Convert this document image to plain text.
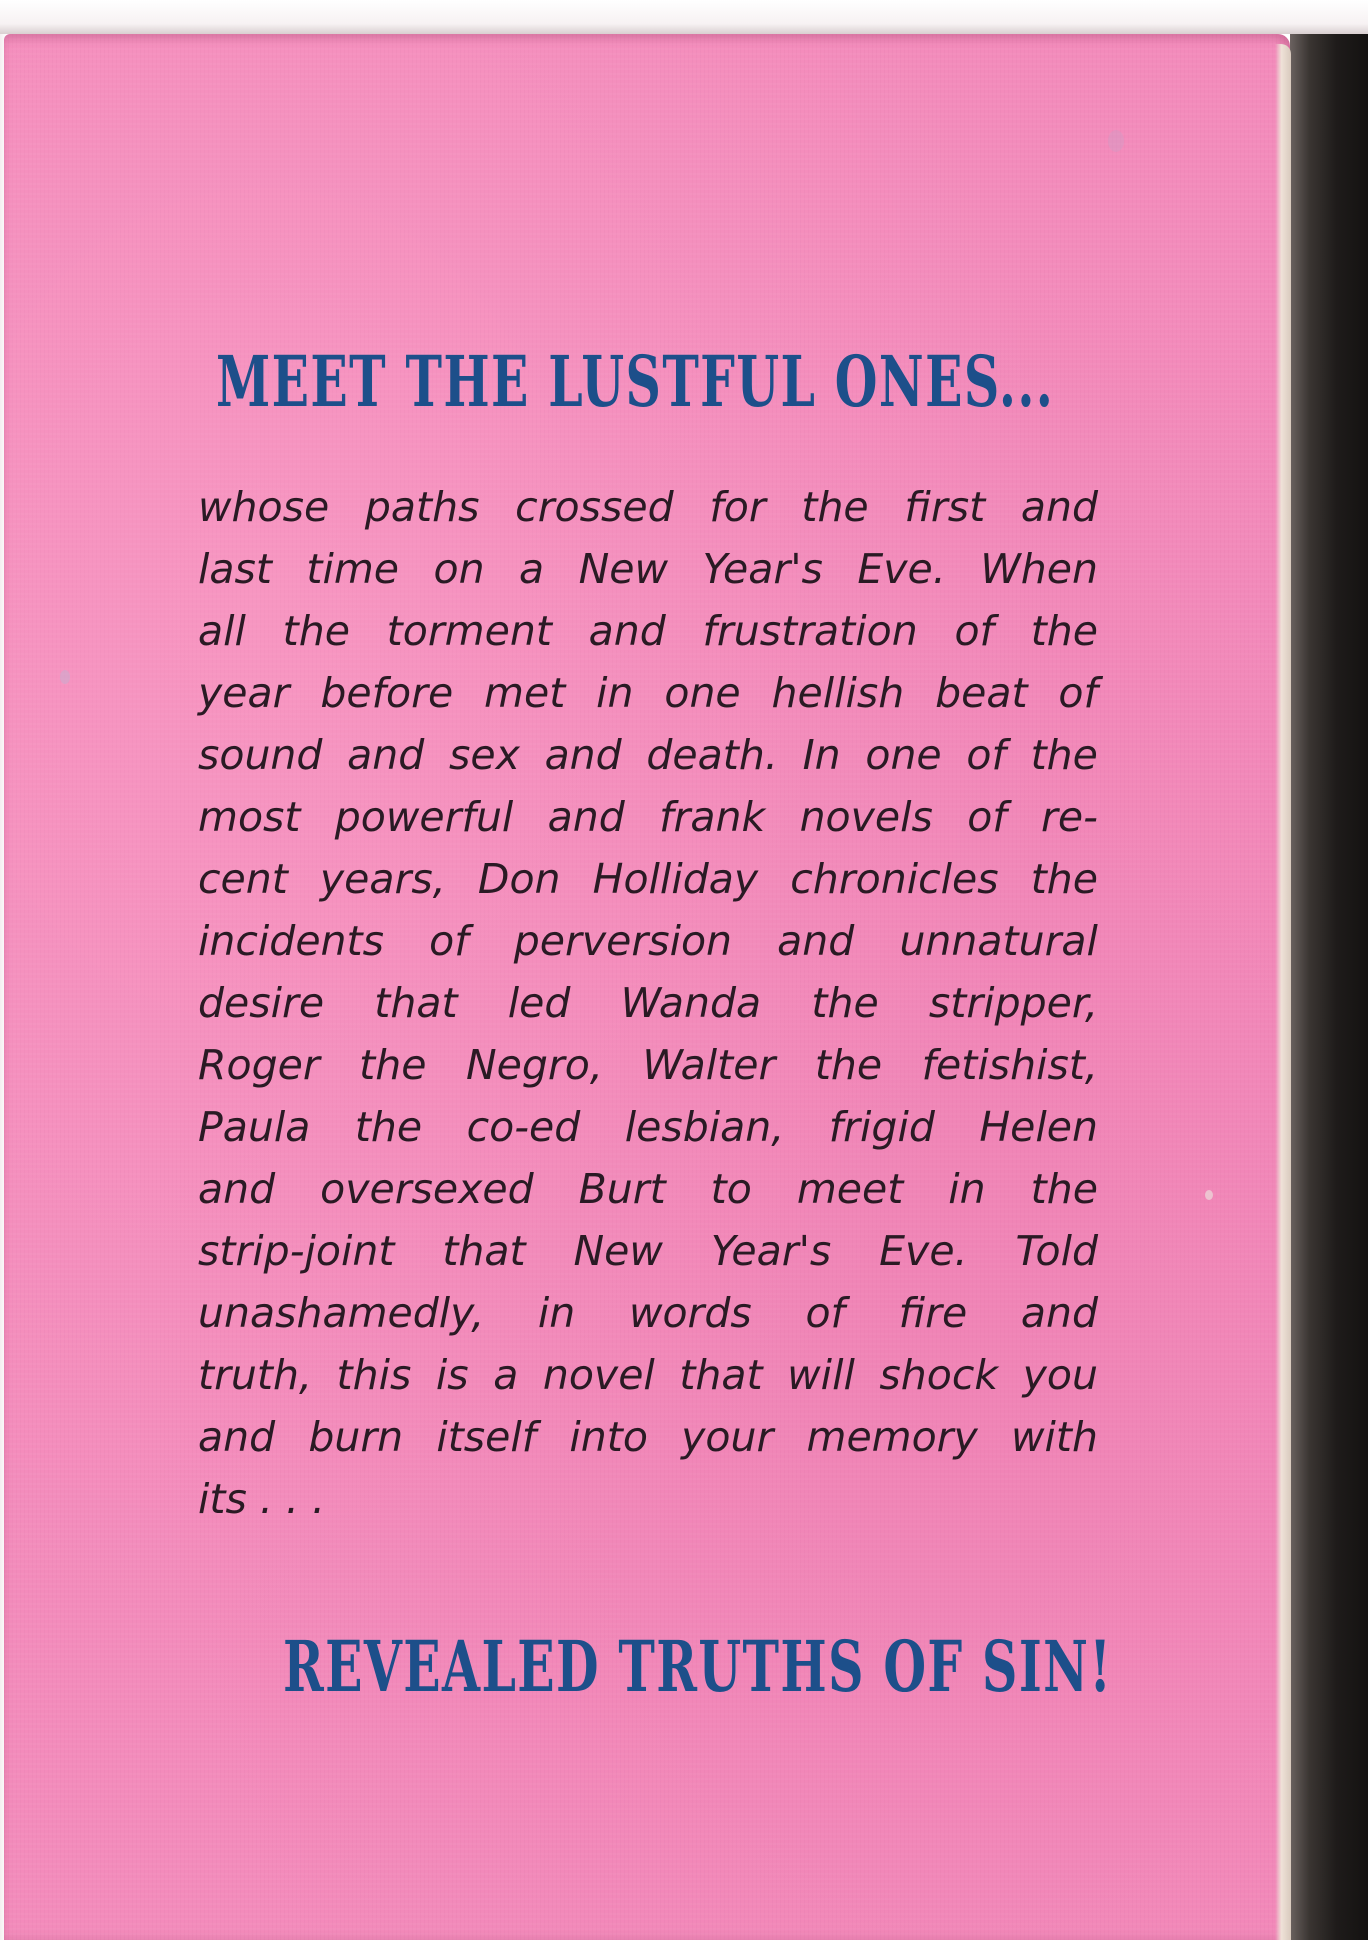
MEET THE LUSTFUL ONES...
whose paths crossed for the first and
last time on a New Year's Eve. When
all the torment and frustration of the
year before met in one hellish beat of
sound and sex and death. In one of the
most powerful and frank novels of re-
cent years, Don Holliday chronicles the
incidents of perversion and unnatural
desire that led Wanda the stripper,
Roger the Negro, Walter the fetishist,
Paula the co-ed lesbian, frigid Helen
and oversexed Burt to meet in the
strip-joint that New Year's Eve. Told
unashamedly, in words of fire and
truth, this is a novel that will shock you
and burn itself into your memory with
its . . .
REVEALED TRUTHS OF SIN!
